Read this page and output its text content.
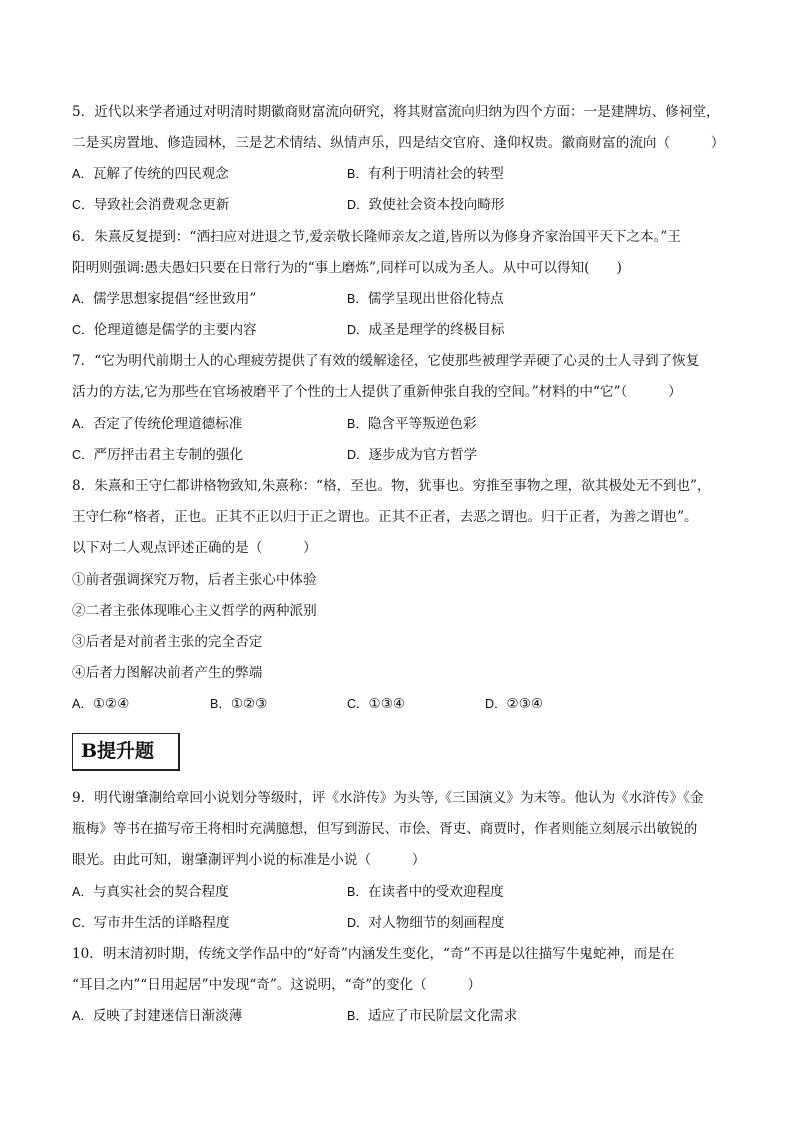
5．近代以来学者通过对明清时期徽商财富流向研究，将其财富流向归纳为四个方面：一是建牌坊、修祠堂，
二是买房置地、修造园林，三是艺术情结、纵情声乐，四是结交官府、逢仰权贵。徽商财富的流向（　　　）
A．瓦解了传统的四民观念	B．有利于明清社会的转型
C．导致社会消费观念更新	D．致使社会资本投向畸形
6．朱熹反复提到：“洒扫应对进退之节,爱亲敬长隆师亲友之道,皆所以为修身齐家治国平天下之本。”王
阳明则强调:愚夫愚妇只要在日常行为的“事上磨炼”,同样可以成为圣人。从中可以得知(　　)
A．儒学思想家提倡“经世致用”	B．儒学呈现出世俗化特点
C．伦理道德是儒学的主要内容	D．成圣是理学的终极目标
7．“它为明代前期士人的心理疲劳提供了有效的缓解途径，它使那些被理学弄硬了心灵的士人寻到了恢复
活力的方法,它为那些在官场被磨平了个性的士人提供了重新伸张自我的空间。”材料的中“它”（　　　）
A．否定了传统伦理道德标准	B．隐含平等叛逆色彩
C．严厉抨击君主专制的强化	D．逐步成为官方哲学
8．朱熹和王守仁都讲格物致知,朱熹称：“格，至也。物，犹事也。穷推至事物之理，欲其极处无不到也”，
王守仁称“格者，正也。正其不正以归于正之谓也。正其不正者，去恶之谓也。归于正者，为善之谓也”。
以下对二人观点评述正确的是（　　　）
①前者强调探究万物，后者主张心中体验
②二者主张体现唯心主义哲学的两种派别
③后者是对前者主张的完全否定
④后者力图解决前者产生的弊端
A．①②④	B．①②③	C．①③④	D．②③④
B提升题
9．明代谢肇淛给章回小说划分等级时，评《水浒传》为头等,《三国演义》为末等。他认为《水浒传》《金
瓶梅》等书在描写帝王将相时充满臆想，但写到游民、市侩、胥吏、商贾时，作者则能立刻展示出敏锐的
眼光。由此可知，谢肇淛评判小说的标准是小说（　　　）
A．与真实社会的契合程度	B．在读者中的受欢迎程度
C．写市井生活的详略程度	D．对人物细节的刻画程度
10．明末清初时期，传统文学作品中的“好奇”内涵发生变化，“奇”不再是以往描写牛鬼蛇神，而是在
“耳目之内”“日用起居”中发现“奇”。这说明，“奇”的变化（　　　）
A．反映了封建迷信日渐淡薄	B．适应了市民阶层文化需求
